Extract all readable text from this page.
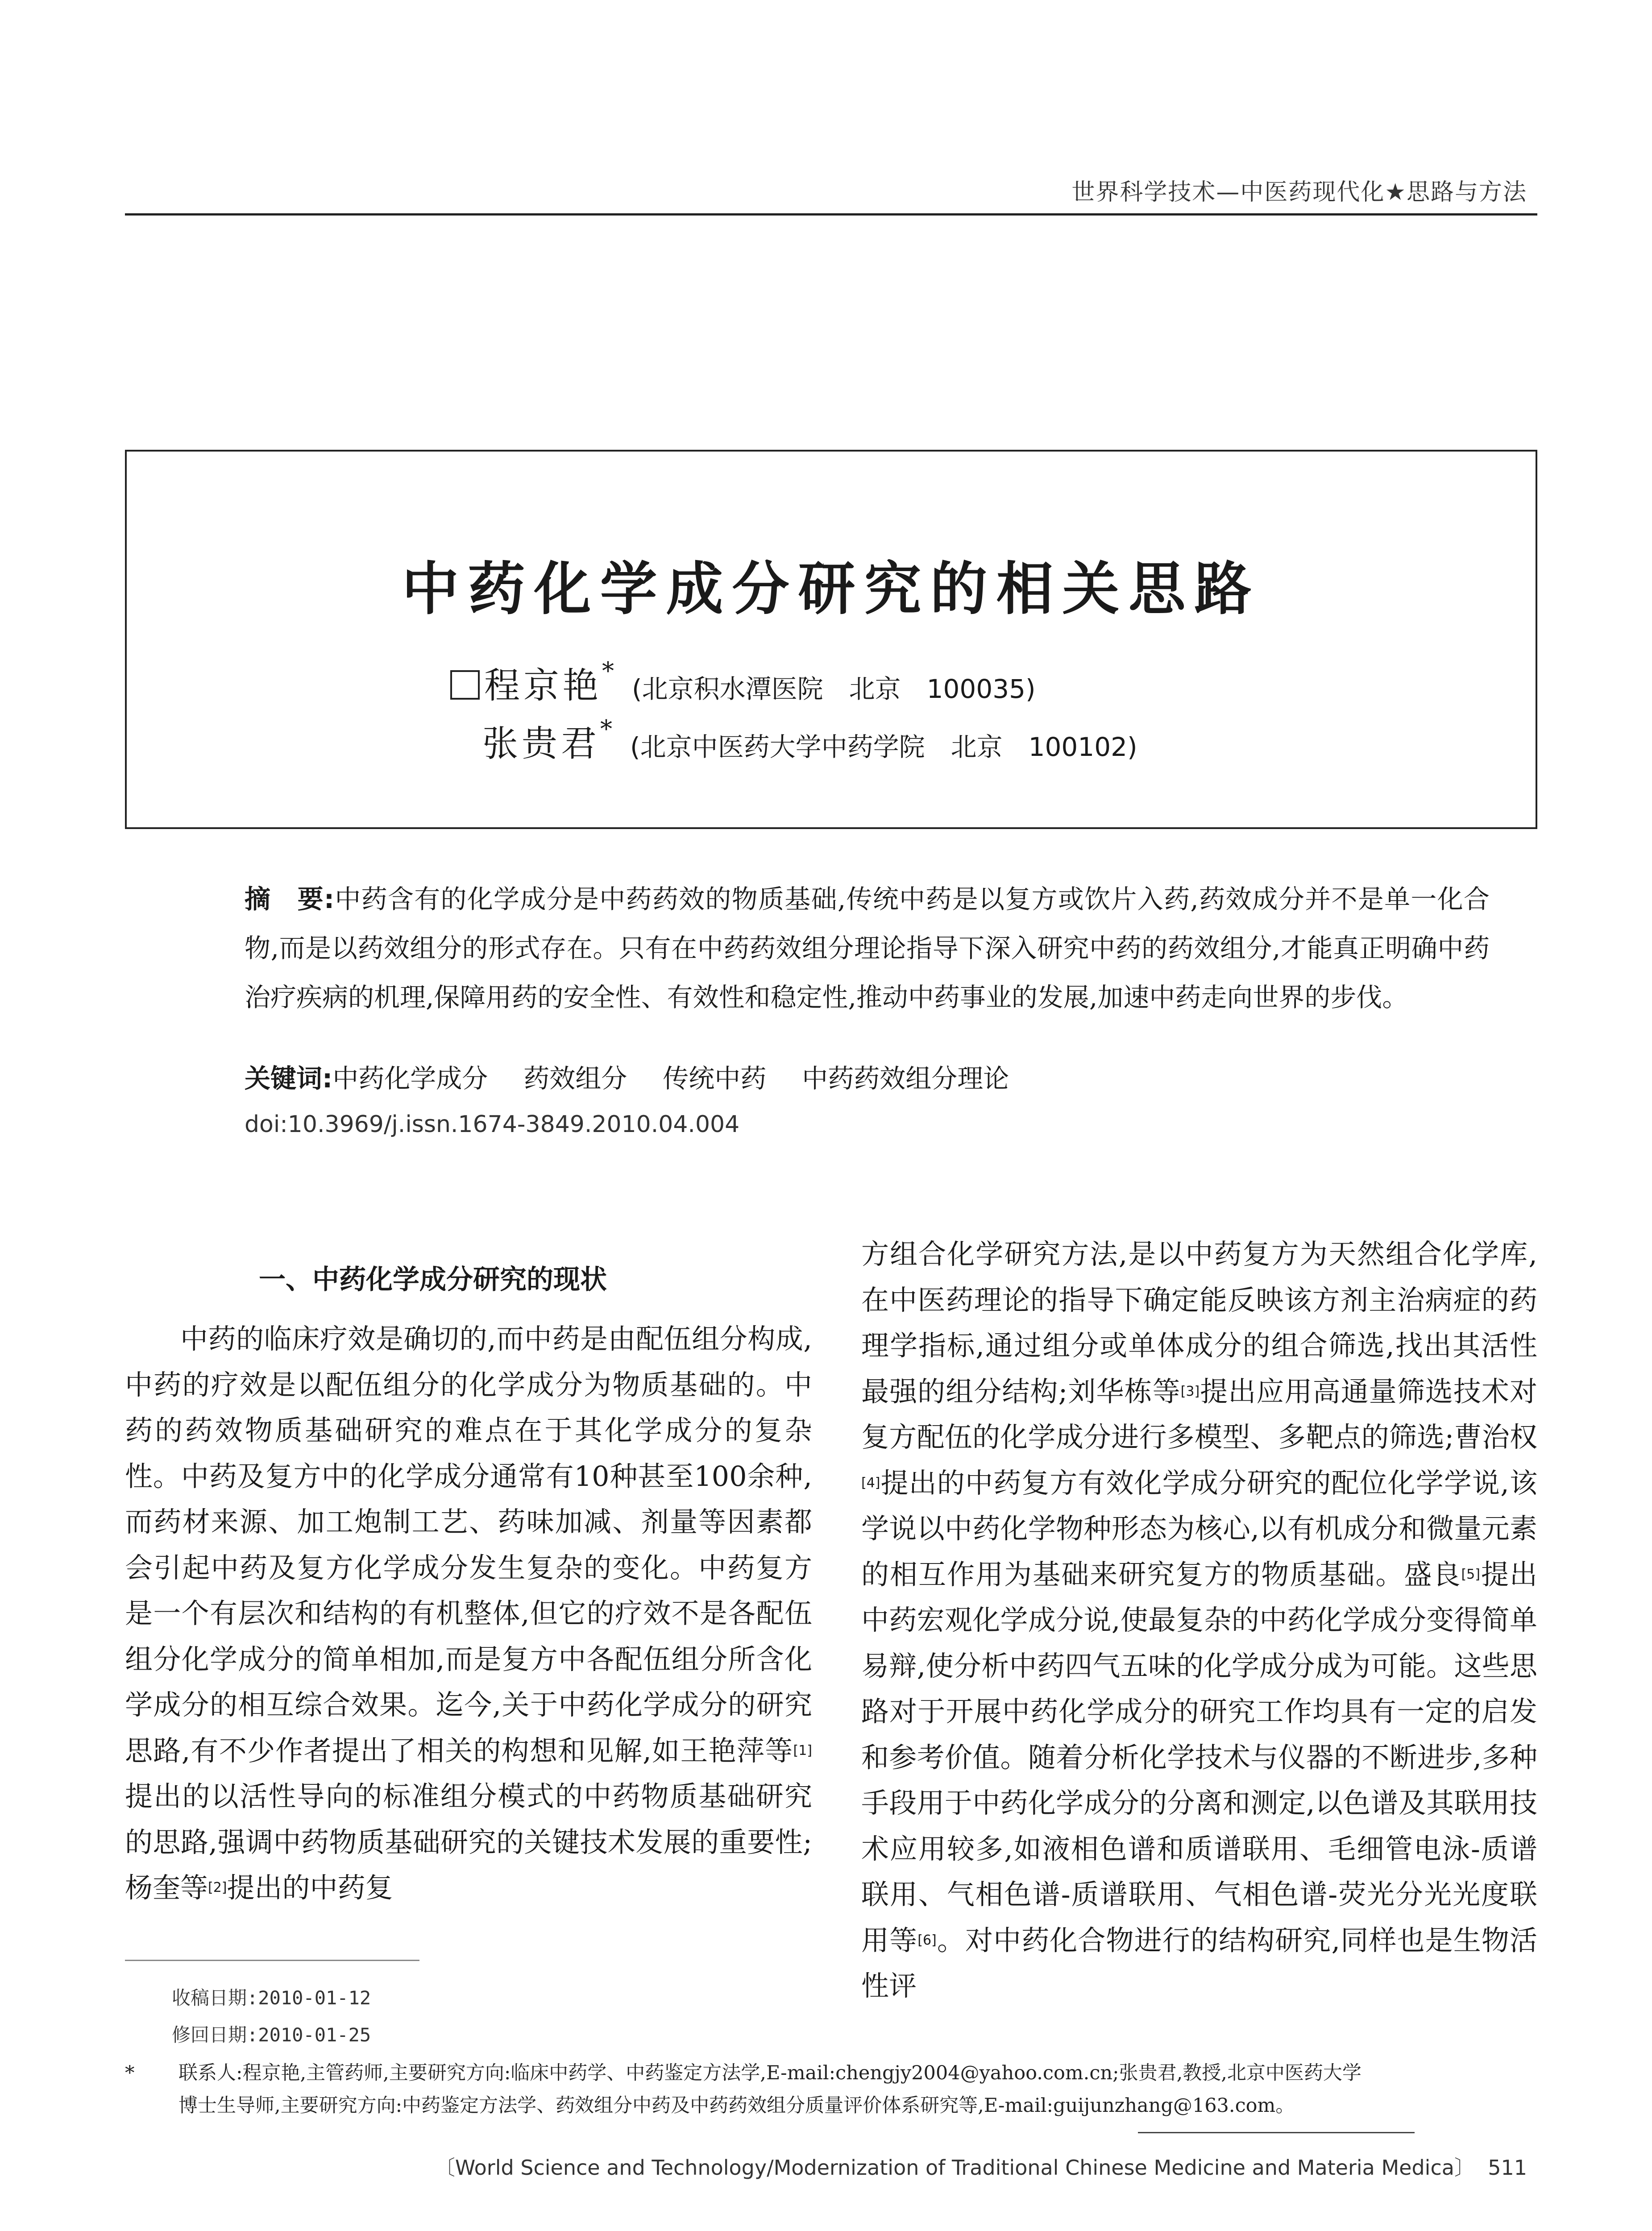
世界科学技术—中医药现代化★思路与方法
中药化学成分研究的相关思路
程京艳*(北京积水潭医院　北京　100035)
张贵君*(北京中医药大学中药学院　北京　100102)
摘　要:中药含有的化学成分是中药药效的物质基础,传统中药是以复方或饮片入药,药效成分并不是单一化合物,而是以药效组分的形式存在。只有在中药药效组分理论指导下深入研究中药的药效组分,才能真正明确中药治疗疾病的机理,保障用药的安全性、有效性和稳定性,推动中药事业的发展,加速中药走向世界的步伐。
关键词:中药化学成分 药效组分 传统中药 中药药效组分理论
doi:10.3969/j.issn.1674-3849.2010.04.004
一、中药化学成分研究的现状
中药的临床疗效是确切的,而中药是由配伍组分构成,中药的疗效是以配伍组分的化学成分为物质基础的。中药的药效物质基础研究的难点在于其化学成分的复杂性。中药及复方中的化学成分通常有10种甚至100余种,而药材来源、加工炮制工艺、药味加减、剂量等因素都会引起中药及复方化学成分发生复杂的变化。中药复方是一个有层次和结构的有机整体,但它的疗效不是各配伍组分化学成分的简单相加,而是复方中各配伍组分所含化学成分的相互综合效果。迄今,关于中药化学成分的研究思路,有不少作者提出了相关的构想和见解,如王艳萍等[1]提出的以活性导向的标准组分模式的中药物质基础研究的思路,强调中药物质基础研究的关键技术发展的重要性;杨奎等[2]提出的中药复
方组合化学研究方法,是以中药复方为天然组合化学库,在中医药理论的指导下确定能反映该方剂主治病症的药理学指标,通过组分或单体成分的组合筛选,找出其活性最强的组分结构;刘华栋等[3]提出应用高通量筛选技术对复方配伍的化学成分进行多模型、多靶点的筛选;曹治权[4]提出的中药复方有效化学成分研究的配位化学学说,该学说以中药化学物种形态为核心,以有机成分和微量元素的相互作用为基础来研究复方的物质基础。盛良[5]提出中药宏观化学成分说,使最复杂的中药化学成分变得简单易辩,使分析中药四气五味的化学成分成为可能。这些思路对于开展中药化学成分的研究工作均具有一定的启发和参考价值。随着分析化学技术与仪器的不断进步,多种手段用于中药化学成分的分离和测定,以色谱及其联用技术应用较多,如液相色谱和质谱联用、毛细管电泳-质谱联用、气相色谱-质谱联用、气相色谱-荧光分光光度联用等[6]。对中药化合物进行的结构研究,同样也是生物活性评
收稿日期:2010-01-12
修回日期:2010-01-25
* 联系人:程京艳,主管药师,主要研究方向:临床中药学、中药鉴定方法学,E-mail:chengjy2004@yahoo.com.cn;张贵君,教授,北京中医药大学
博士生导师,主要研究方向:中药鉴定方法学、药效组分中药及中药药效组分质量评价体系研究等,E-mail:guijunzhang@163.com。
〔World Science and Technology/Modernization of Traditional Chinese Medicine and Materia Medica〕 511
